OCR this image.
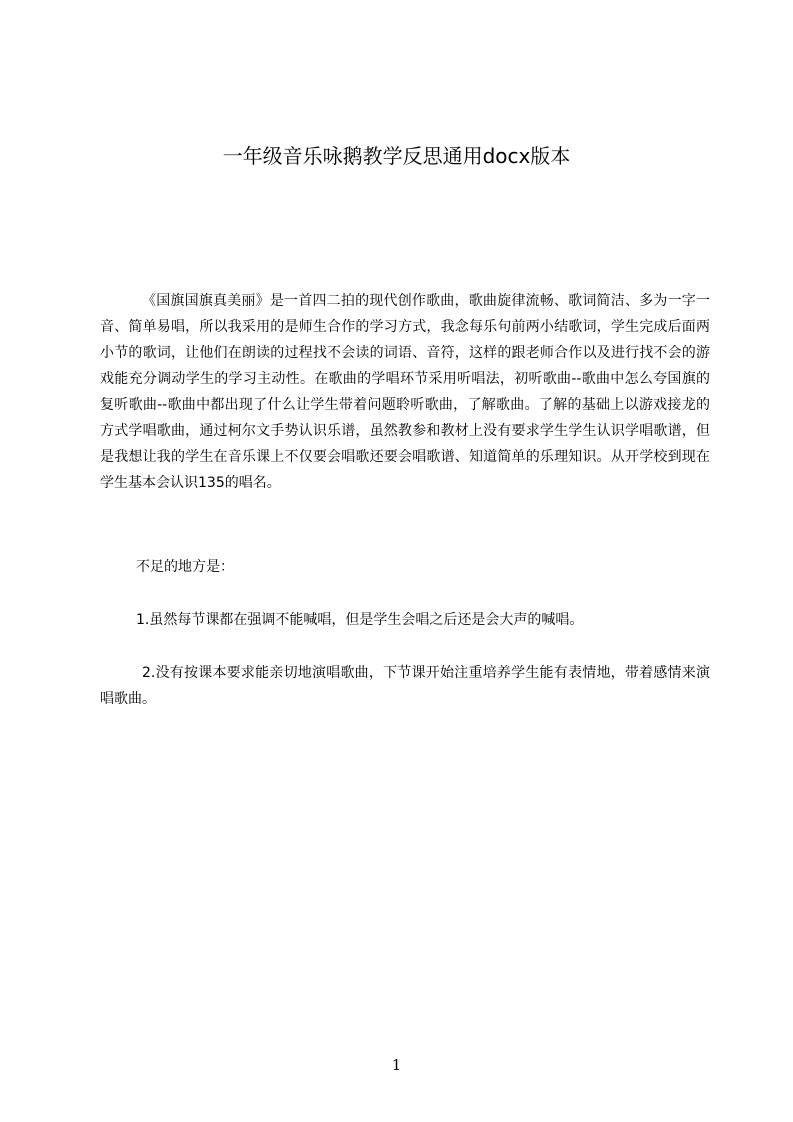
一年级音乐咏鹅教学反思通用docx版本
《国旗国旗真美丽》是一首四二拍的现代创作歌曲，歌曲旋律流畅、歌词简洁、多为一字一音、简单易唱，所以我采用的是师生合作的学习方式，我念每乐句前两小结歌词，学生完成后面两小节的歌词，让他们在朗读的过程找不会读的词语、音符，这样的跟老师合作以及进行找不会的游戏能充分调动学生的学习主动性。在歌曲的学唱环节采用听唱法，初听歌曲--歌曲中怎么夸国旗的复听歌曲--歌曲中都出现了什么让学生带着问题聆听歌曲，了解歌曲。了解的基础上以游戏接龙的方式学唱歌曲，通过柯尔文手势认识乐谱，虽然教参和教材上没有要求学生学生认识学唱歌谱，但是我想让我的学生在音乐课上不仅要会唱歌还要会唱歌谱、知道简单的乐理知识。从开学校到现在学生基本会认识135的唱名。
不足的地方是：
1.虽然每节课都在强调不能喊唱，但是学生会唱之后还是会大声的喊唱。
2.没有按课本要求能亲切地演唱歌曲，下节课开始注重培养学生能有表情地，带着感情来演唱歌曲。
1
